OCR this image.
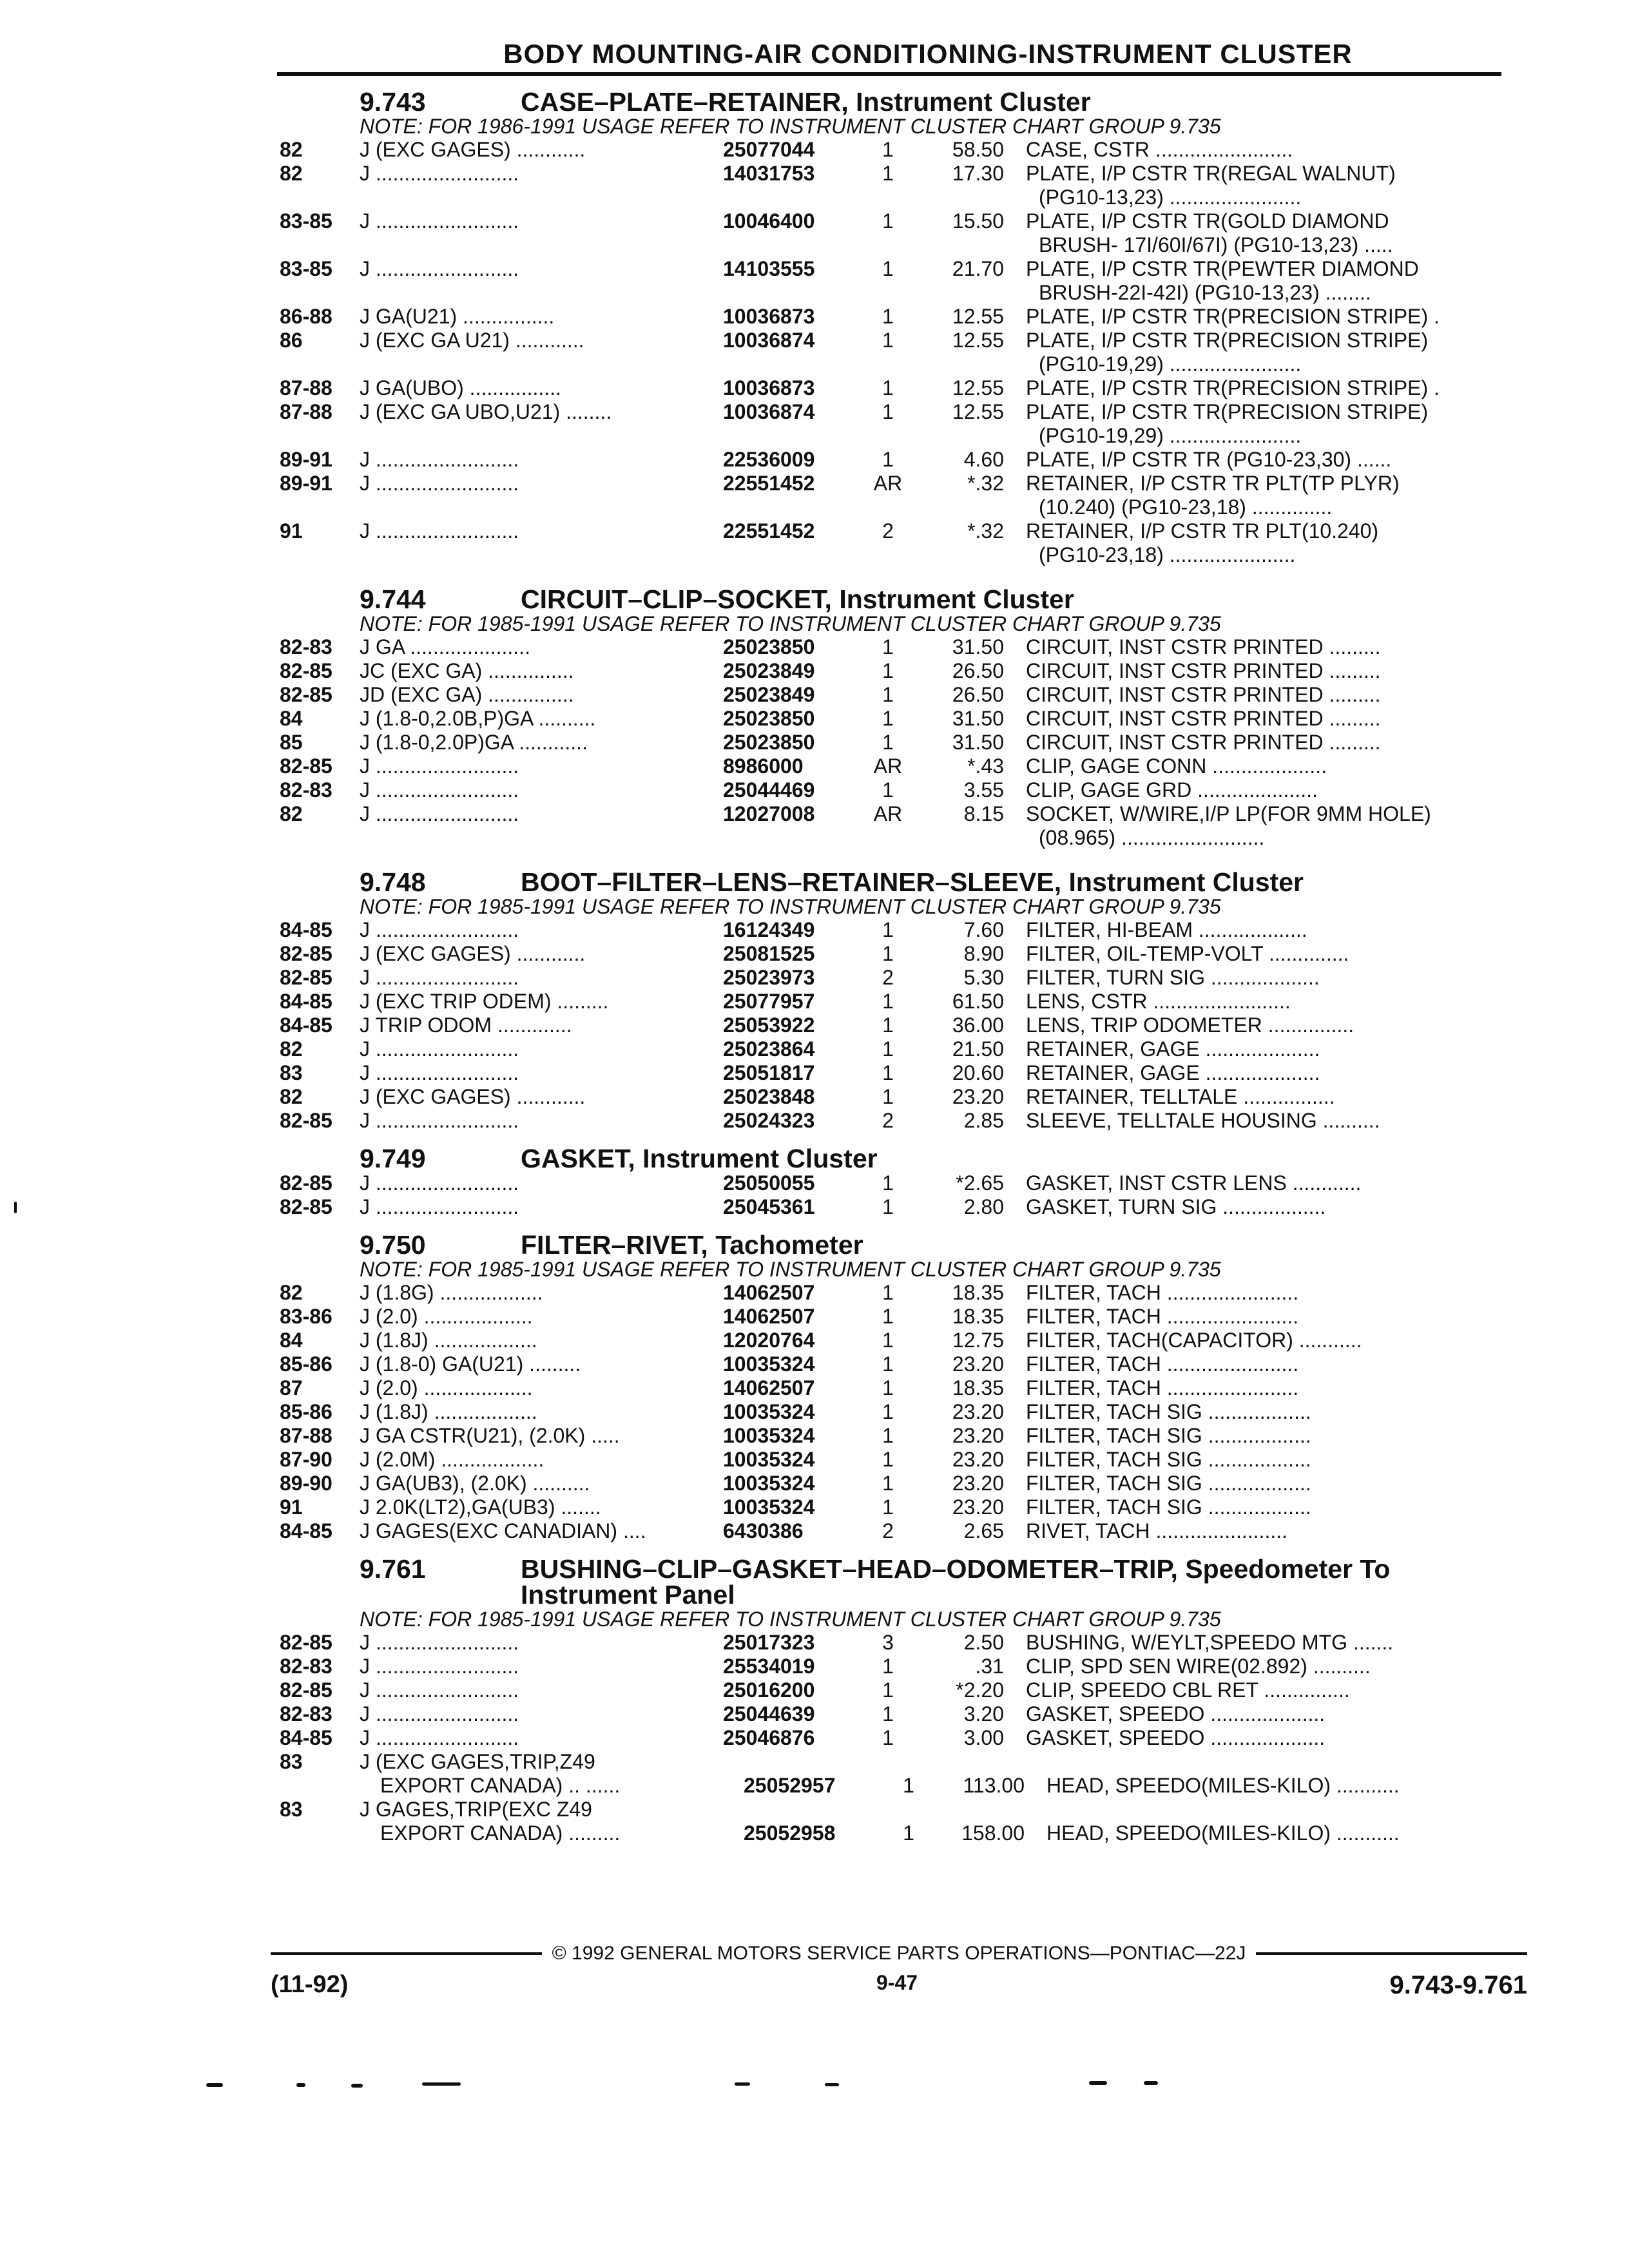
BODY MOUNTING-AIR CONDITIONING-INSTRUMENT CLUSTER
9.743	CASE–PLATE–RETAINER, Instrument Cluster
NOTE: FOR 1986-1991 USAGE REFER TO INSTRUMENT CLUSTER CHART GROUP 9.735
82	J (EXC GAGES) ............	25077044	1	58.50	CASE, CSTR ........................
82	J .........................	14031753	1	17.30	PLATE, I/P CSTR TR(REGAL WALNUT)
(PG10-13,23) .......................
83-85	J .........................	10046400	1	15.50	PLATE, I/P CSTR TR(GOLD DIAMOND
BRUSH- 17I/60I/67I) (PG10-13,23) .....
83-85	J .........................	14103555	1	21.70	PLATE, I/P CSTR TR(PEWTER DIAMOND
BRUSH-22I-42I) (PG10-13,23) ........
86-88	J GA(U21) ................	10036873	1	12.55	PLATE, I/P CSTR TR(PRECISION STRIPE) .
86	J (EXC GA U21) ............	10036874	1	12.55	PLATE, I/P CSTR TR(PRECISION STRIPE)
(PG10-19,29) .......................
87-88	J GA(UBO) ................	10036873	1	12.55	PLATE, I/P CSTR TR(PRECISION STRIPE) .
87-88	J (EXC GA UBO,U21) ........	10036874	1	12.55	PLATE, I/P CSTR TR(PRECISION STRIPE)
(PG10-19,29) .......................
89-91	J .........................	22536009	1	4.60	PLATE, I/P CSTR TR (PG10-23,30) ......
89-91	J .........................	22551452	AR	*.32	RETAINER, I/P CSTR TR PLT(TP PLYR)
(10.240) (PG10-23,18) ..............
91	J .........................	22551452	2	*.32	RETAINER, I/P CSTR TR PLT(10.240)
(PG10-23,18) ......................
9.744	CIRCUIT–CLIP–SOCKET, Instrument Cluster
NOTE: FOR 1985-1991 USAGE REFER TO INSTRUMENT CLUSTER CHART GROUP 9.735
82-83	J GA .....................	25023850	1	31.50	CIRCUIT, INST CSTR PRINTED .........
82-85	JC (EXC GA) ...............	25023849	1	26.50	CIRCUIT, INST CSTR PRINTED .........
82-85	JD (EXC GA) ...............	25023849	1	26.50	CIRCUIT, INST CSTR PRINTED .........
84	J (1.8-0,2.0B,P)GA ..........	25023850	1	31.50	CIRCUIT, INST CSTR PRINTED .........
85	J (1.8-0,2.0P)GA ............	25023850	1	31.50	CIRCUIT, INST CSTR PRINTED .........
82-85	J .........................	8986000	AR	*.43	CLIP, GAGE CONN ....................
82-83	J .........................	25044469	1	3.55	CLIP, GAGE GRD .....................
82	J .........................	12027008	AR	8.15	SOCKET, W/WIRE,I/P LP(FOR 9MM HOLE)
(08.965) .........................
9.748	BOOT–FILTER–LENS–RETAINER–SLEEVE, Instrument Cluster
NOTE: FOR 1985-1991 USAGE REFER TO INSTRUMENT CLUSTER CHART GROUP 9.735
84-85	J .........................	16124349	1	7.60	FILTER, HI-BEAM ...................
82-85	J (EXC GAGES) ............	25081525	1	8.90	FILTER, OIL-TEMP-VOLT ..............
82-85	J .........................	25023973	2	5.30	FILTER, TURN SIG ...................
84-85	J (EXC TRIP ODEM) .........	25077957	1	61.50	LENS, CSTR ........................
84-85	J TRIP ODOM .............	25053922	1	36.00	LENS, TRIP ODOMETER ...............
82	J .........................	25023864	1	21.50	RETAINER, GAGE ....................
83	J .........................	25051817	1	20.60	RETAINER, GAGE ....................
82	J (EXC GAGES) ............	25023848	1	23.20	RETAINER, TELLTALE ................
82-85	J .........................	25024323	2	2.85	SLEEVE, TELLTALE HOUSING ..........
9.749	GASKET, Instrument Cluster
82-85	J .........................	25050055	1	*2.65	GASKET, INST CSTR LENS ............
82-85	J .........................	25045361	1	2.80	GASKET, TURN SIG ..................
9.750	FILTER–RIVET, Tachometer
NOTE: FOR 1985-1991 USAGE REFER TO INSTRUMENT CLUSTER CHART GROUP 9.735
82	J (1.8G) ..................	14062507	1	18.35	FILTER, TACH .......................
83-86	J (2.0) ...................	14062507	1	18.35	FILTER, TACH .......................
84	J (1.8J) ..................	12020764	1	12.75	FILTER, TACH(CAPACITOR) ...........
85-86	J (1.8-0) GA(U21) .........	10035324	1	23.20	FILTER, TACH .......................
87	J (2.0) ...................	14062507	1	18.35	FILTER, TACH .......................
85-86	J (1.8J) ..................	10035324	1	23.20	FILTER, TACH SIG ..................
87-88	J GA CSTR(U21), (2.0K) .....	10035324	1	23.20	FILTER, TACH SIG ..................
87-90	J (2.0M) ..................	10035324	1	23.20	FILTER, TACH SIG ..................
89-90	J GA(UB3), (2.0K) ..........	10035324	1	23.20	FILTER, TACH SIG ..................
91	J 2.0K(LT2),GA(UB3) .......	10035324	1	23.20	FILTER, TACH SIG ..................
84-85	J GAGES(EXC CANADIAN) ....	6430386	2	2.65	RIVET, TACH .......................
9.761	BUSHING–CLIP–GASKET–HEAD–ODOMETER–TRIP, Speedometer To Instrument Panel
NOTE: FOR 1985-1991 USAGE REFER TO INSTRUMENT CLUSTER CHART GROUP 9.735
82-85	J .........................	25017323	3	2.50	BUSHING, W/EYLT,SPEEDO MTG .......
82-83	J .........................	25534019	1	.31	CLIP, SPD SEN WIRE(02.892) ..........
82-85	J .........................	25016200	1	*2.20	CLIP, SPEEDO CBL RET ...............
82-83	J .........................	25044639	1	3.20	GASKET, SPEEDO ....................
84-85	J .........................	25046876	1	3.00	GASKET, SPEEDO ....................
83	J (EXC GAGES,TRIP,Z49
EXPORT CANADA) .. ......	25052957	1	113.00	HEAD, SPEEDO(MILES-KILO) ...........
83	J GAGES,TRIP(EXC Z49
EXPORT CANADA) .........	25052958	1	158.00	HEAD, SPEEDO(MILES-KILO) ...........
© 1992 GENERAL MOTORS SERVICE PARTS OPERATIONS—PONTIAC—22J
(11-92)	9-47	9.743-9.761
